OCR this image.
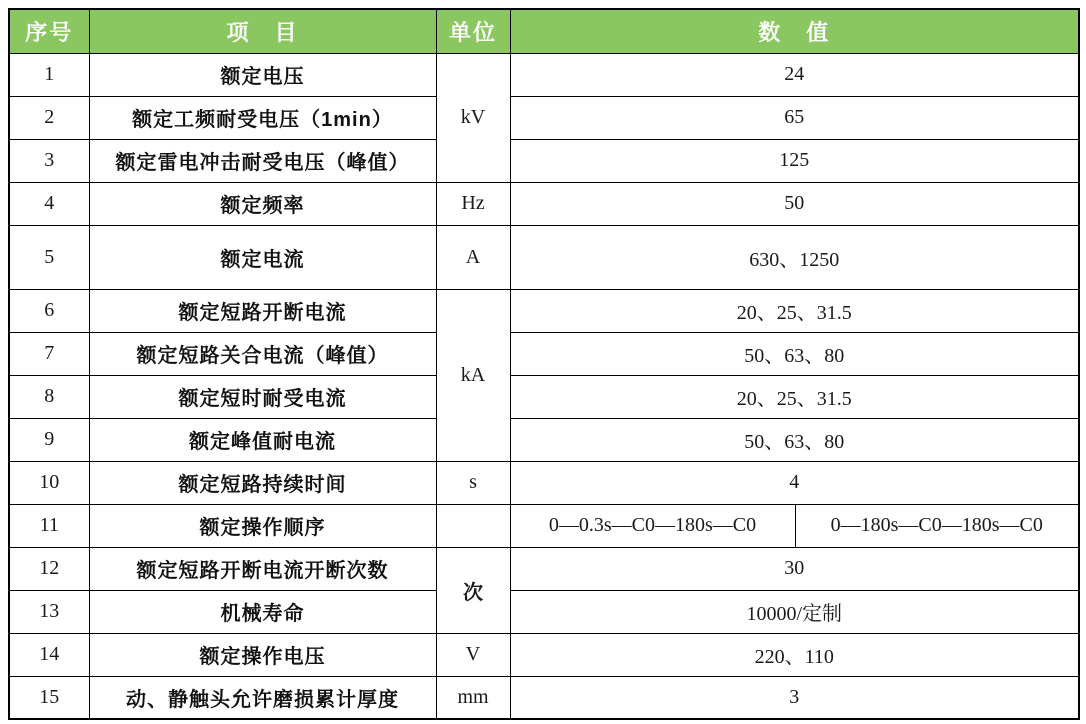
序号	项　目	单位	数　值	
1	额定电压	kV	24	
2	额定工频耐受电压（1min）		65	
3	额定雷电冲击耐受电压（峰值）		125	
4	额定频率	Hz	50	
5	额定电流	A	630、1250	
6	额定短路开断电流	kA	20、25、31.5	
7	额定短路关合电流（峰值）		50、63、80	
8	额定短时耐受电流		20、25、31.5	
9	额定峰值耐电流		50、63、80	
10	额定短路持续时间	s	4	
11	额定操作顺序		0—0.3s—C0—180s—C0	0—180s—C0—180s—C0
12	额定短路开断电流开断次数	次	30	
13	机械寿命		10000/定制	
14	额定操作电压	V	220、110	
15	动、静触头允许磨损累计厚度	mm	3	
